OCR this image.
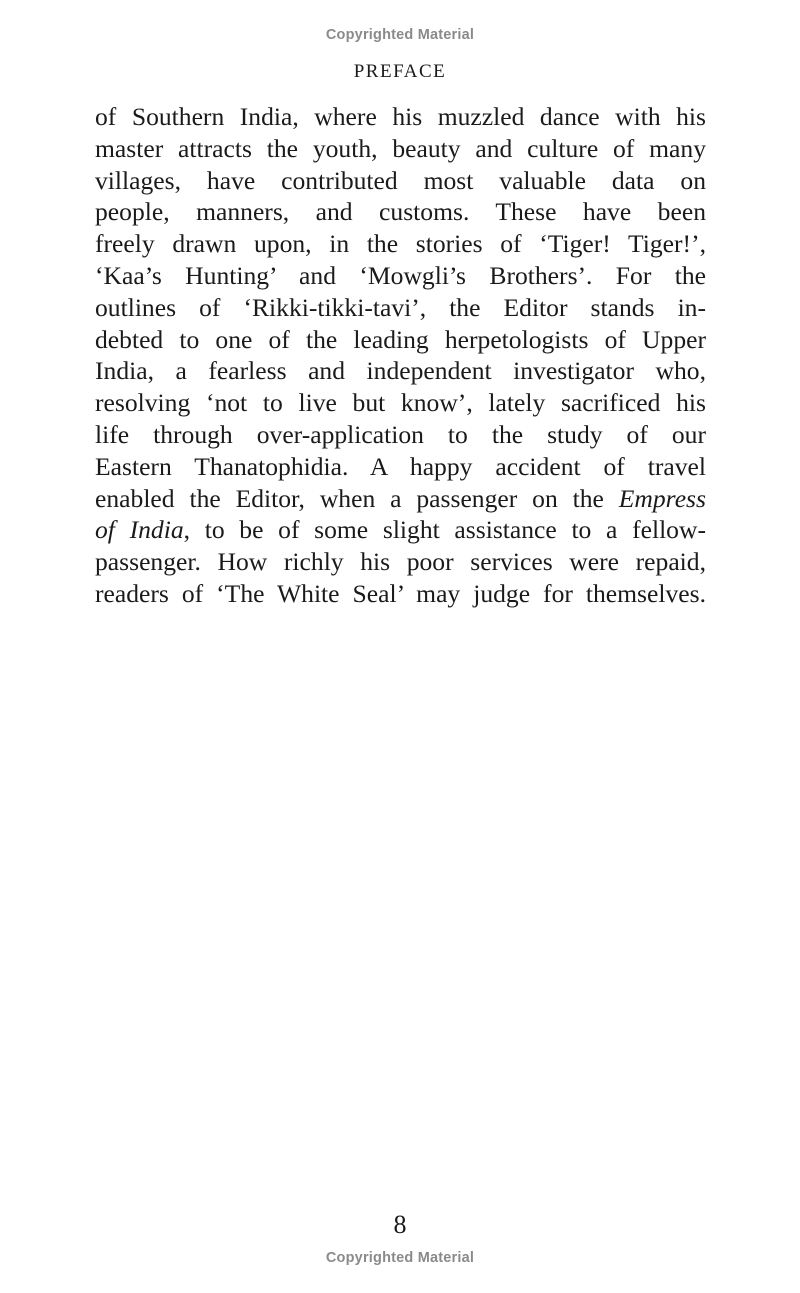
Copyrighted Material
PREFACE
of Southern India, where his muzzled dance with his
master attracts the youth, beauty and culture of many
villages, have contributed most valuable data on
people, manners, and customs. These have been
freely drawn upon, in the stories of ‘Tiger! Tiger!’,
‘Kaa’s Hunting’ and ‘Mowgli’s Brothers’. For the
outlines of ‘Rikki-tikki-tavi’, the Editor stands in-
debted to one of the leading herpetologists of Upper
India, a fearless and independent investigator who,
resolving ‘not to live but know’, lately sacrificed his
life through over-application to the study of our
Eastern Thanatophidia. A happy accident of travel
enabled the Editor, when a passenger on the Empress
of India, to be of some slight assistance to a fellow-
passenger. How richly his poor services were repaid,
readers of ‘The White Seal’ may judge for themselves.
8
Copyrighted Material
